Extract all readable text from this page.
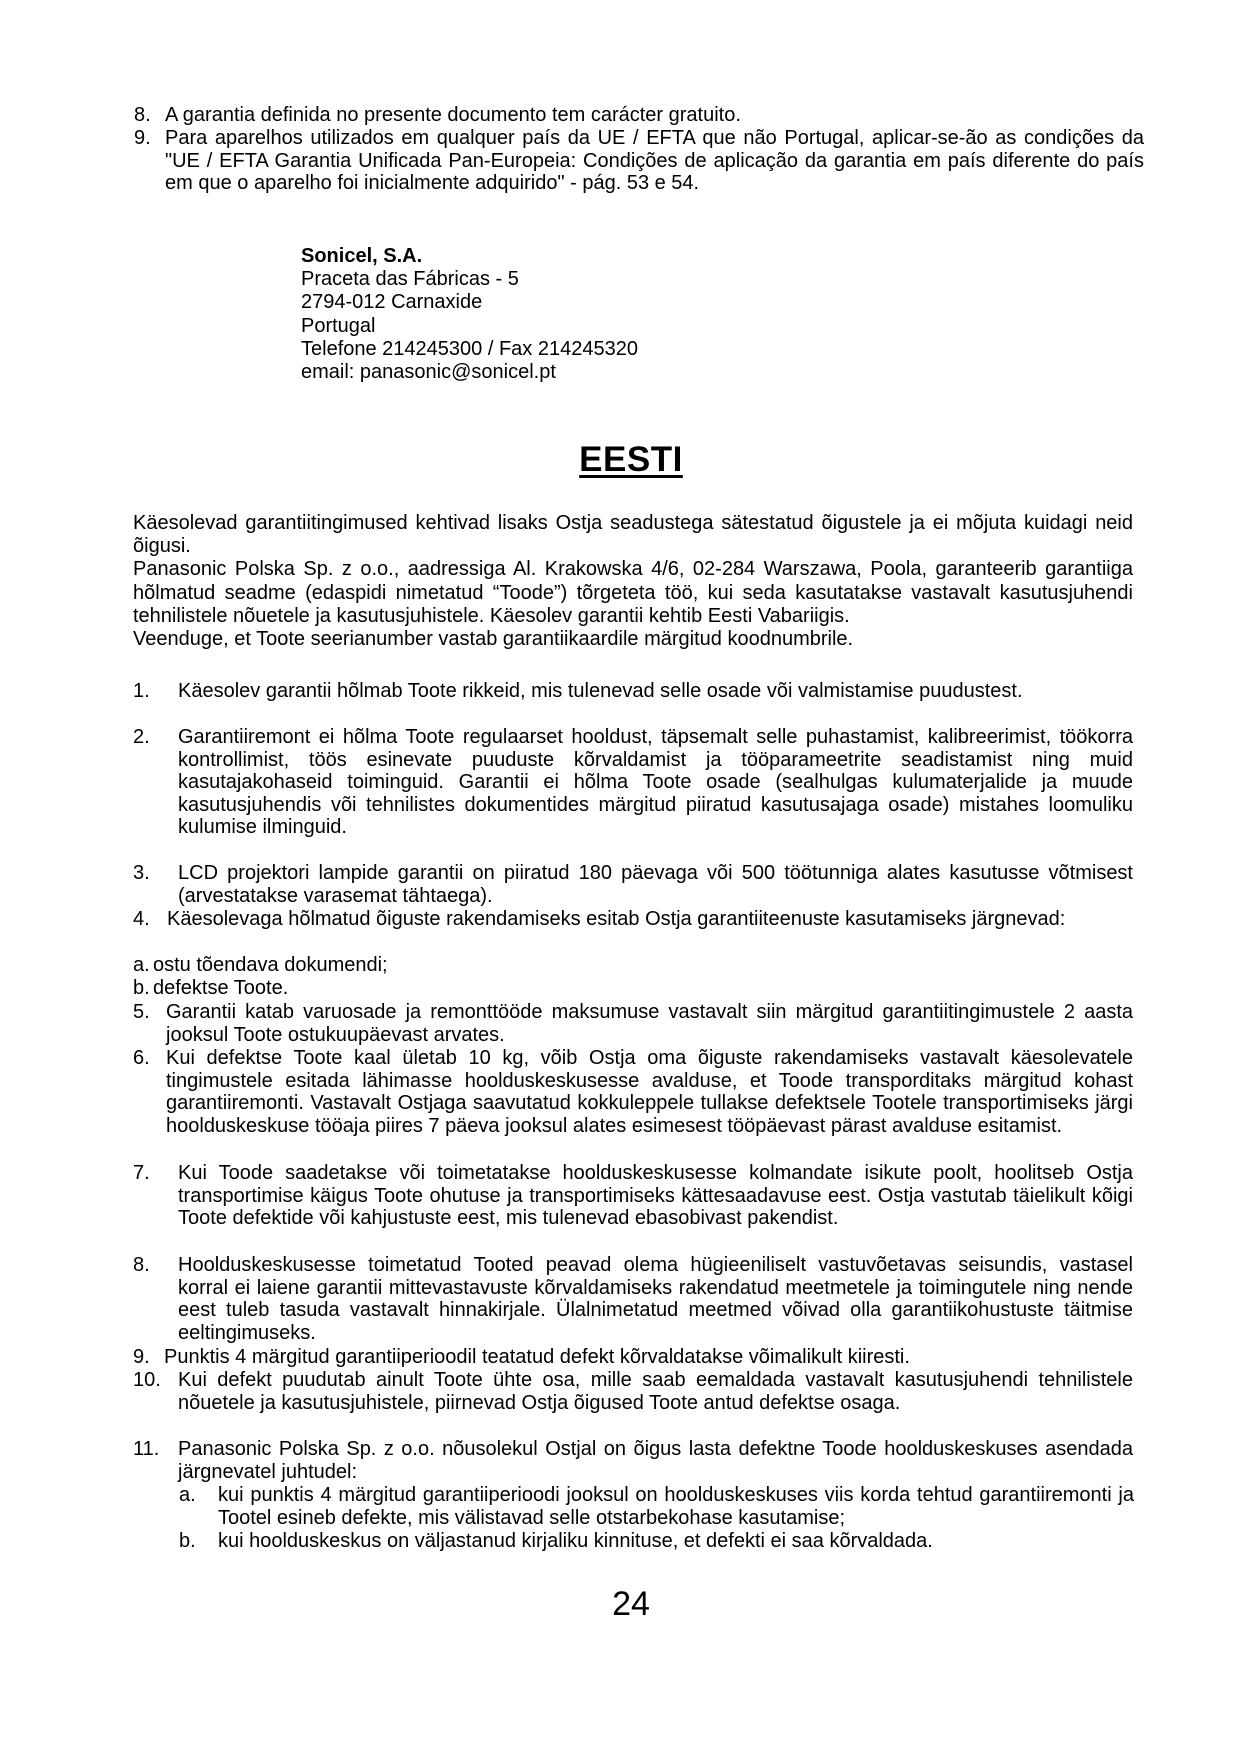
8. A garantia definida no presente documento tem carácter gratuito.
9. Para aparelhos utilizados em qualquer país da UE / EFTA que não Portugal, aplicar-se-ão as condições da "UE / EFTA Garantia Unificada Pan-Europeia: Condições de aplicação da garantia em país diferente do país em que o aparelho foi inicialmente adquirido" - pág. 53 e 54.
Sonicel, S.A.
Praceta das Fábricas - 5
2794-012 Carnaxide
Portugal
Telefone 214245300 / Fax 214245320
email: panasonic@sonicel.pt
EESTI

Käesolevad garantiitingimused kehtivad lisaks Ostja seadustega sätestatud õigustele ja ei mõjuta kuidagi neid õigusi.

Panasonic Polska Sp. z o.o., aadressiga Al. Krakowska 4/6, 02-284 Warszawa, Poola, garanteerib garantiiga hõlmatud seadme (edaspidi nimetatud “Toode”) tõrgeteta töö, kui seda kasutatakse vastavalt kasutusjuhendi tehnilistele nõuetele ja kasutusjuhistele. Käesolev garantii kehtib Eesti Vabariigis.

Veenduge, et Toote seerianumber vastab garantiikaardile märgitud koodnumbrile.

1. Käesolev garantii hõlmab Toote rikkeid, mis tulenevad selle osade või valmistamise puudustest.
2. Garantiiremont ei hõlma Toote regulaarset hooldust, täpsemalt selle puhastamist, kalibreerimist, töökorra kontrollimist, töös esinevate puuduste kõrvaldamist ja tööparameetrite seadistamist ning muid kasutajakohaseid toiminguid. Garantii ei hõlma Toote osade (sealhulgas kulumaterjalide ja muude kasutusjuhendis või tehnilistes dokumentides märgitud piiratud kasutusajaga osade) mistahes loomuliku kulumise ilminguid.
3. LCD projektori lampide garantii on piiratud 180 päevaga või 500 töötunniga alates kasutusse võtmisest (arvestatakse varasemat tähtaega).
4. Käesolevaga hõlmatud õiguste rakendamiseks esitab Ostja garantiiteenuste kasutamiseks järgnevad:
a. ostu tõendava dokumendi;
b. defektse Toote.
5. Garantii katab varuosade ja remonttööde maksumuse vastavalt siin märgitud garantiitingimustele 2 aasta jooksul Toote ostukuupäevast arvates.
6. Kui defektse Toote kaal ületab 10 kg, võib Ostja oma õiguste rakendamiseks vastavalt käesolevatele tingimustele esitada lähimasse hoolduskeskusesse avalduse, et Toode transporditaks märgitud kohast garantiiremonti. Vastavalt Ostjaga saavutatud kokkuleppele tullakse defektsele Tootele transportimiseks järgi hoolduskeskuse tööaja piires 7 päeva jooksul alates esimesest tööpäevast pärast avalduse esitamist.
7. Kui Toode saadetakse või toimetatakse hoolduskeskusesse kolmandate isikute poolt, hoolitseb Ostja transportimise käigus Toote ohutuse ja transportimiseks kättesaadavuse eest. Ostja vastutab täielikult kõigi Toote defektide või kahjustuste eest, mis tulenevad ebasobivast pakendist.
8. Hoolduskeskusesse toimetatud Tooted peavad olema hügieeniliselt vastuvõetavas seisundis, vastasel korral ei laiene garantii mittevastavuste kõrvaldamiseks rakendatud meetmetele ja toimingutele ning nende eest tuleb tasuda vastavalt hinnakirjale. Ülalnimetatud meetmed võivad olla garantiikohustuste täitmise eeltingimuseks.
9. Punktis 4 märgitud garantiiperioodil teatatud defekt kõrvaldatakse võimalikult kiiresti.
10. Kui defekt puudutab ainult Toote ühte osa, mille saab eemaldada vastavalt kasutusjuhendi tehnilistele nõuetele ja kasutusjuhistele, piirnevad Ostja õigused Toote antud defektse osaga.
11. Panasonic Polska Sp. z o.o. nõusolekul Ostjal on õigus lasta defektne Toode hoolduskeskuses asendada järgnevatel juhtudel:
a. kui punktis 4 märgitud garantiiperioodi jooksul on hoolduskeskuses viis korda tehtud garantiiremonti ja Tootel esineb defekte, mis välistavad selle otstarbekohase kasutamise;
b. kui hoolduskeskus on väljastanud kirjaliku kinnituse, et defekti ei saa kõrvaldada.
24
